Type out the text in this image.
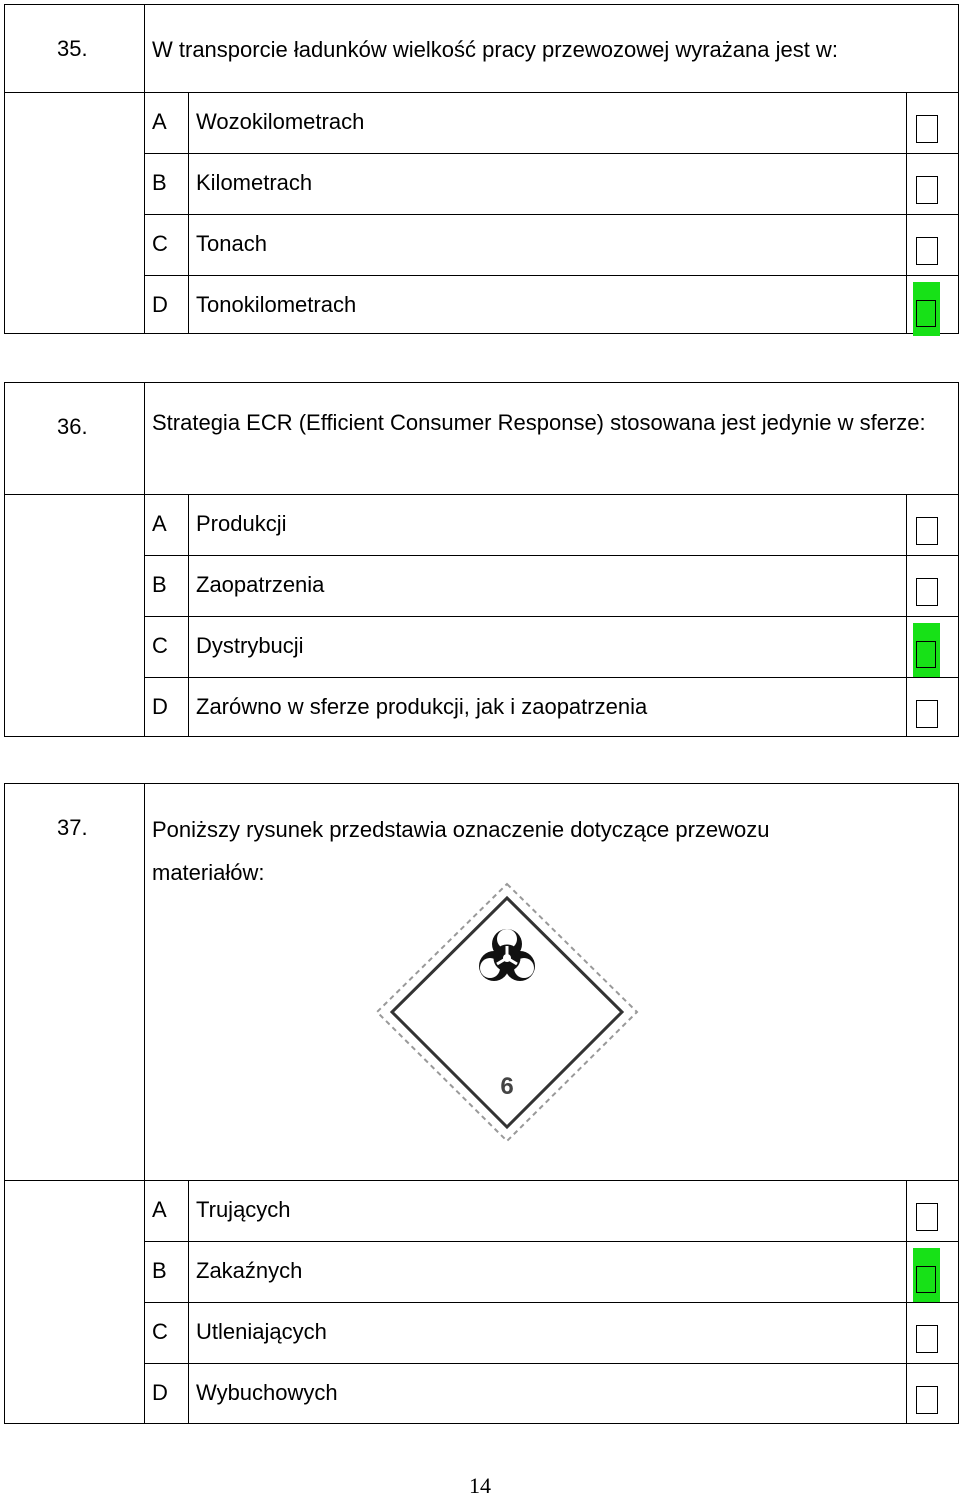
35.	W transporcie ładunków wielkość pracy przewozowej wyrażana jest w:
A Wozokilometrach
B Kilometrach
C Tonach
D Tonokilometrach
36.	Strategia ECR (Efficient Consumer Response) stosowana jest jedynie w sferze:
A Produkcji
B Zaopatrzenia
C Dystrybucji
D Zarówno w sferze produkcji, jak i zaopatrzenia
37.	Poniższy rysunek przedstawia oznaczenie dotyczące przewozu materiałów:
A Trujących
B Zakaźnych
C Utleniających
D Wybuchowych
6
14
